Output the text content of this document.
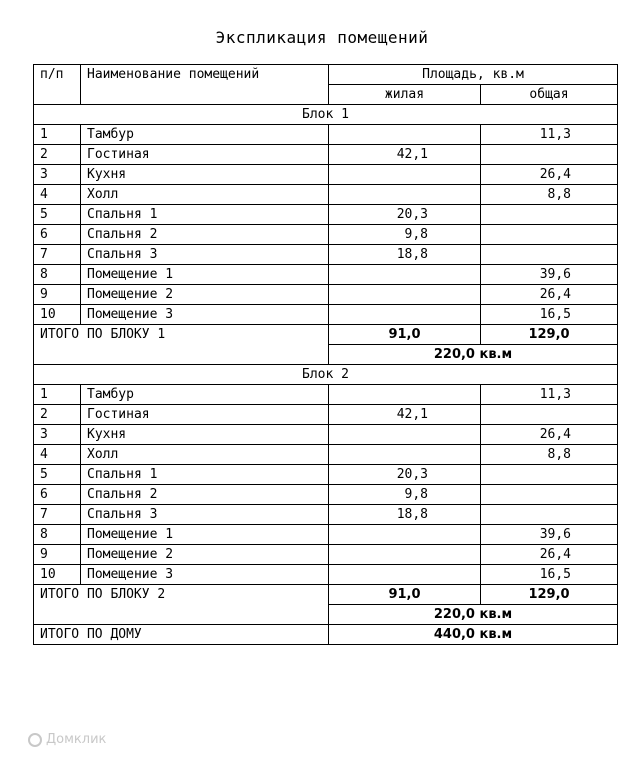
Экспликация помещений
п/п	Наименование помещений	Площадь, кв.м	
		жилая	общая
Блок 1			
1	Тамбур		11,3
2	Гостиная	42,1	
3	Кухня		26,4
4	Холл		8,8
5	Спальня 1	20,3	
6	Спальня 2	9,8	
7	Спальня 3	18,8	
8	Помещение 1		39,6
9	Помещение 2		26,4
10	Помещение 3		16,5
ИТОГО ПО БЛОКУ 1		91,0	129,0
		220,0 кв.м	
Блок 2			
1	Тамбур		11,3
2	Гостиная	42,1	
3	Кухня		26,4
4	Холл		8,8
5	Спальня 1	20,3	
6	Спальня 2	9,8	
7	Спальня 3	18,8	
8	Помещение 1		39,6
9	Помещение 2		26,4
10	Помещение 3		16,5
ИТОГО ПО БЛОКУ 2		91,0	129,0
		220,0 кв.м	
ИТОГО ПО ДОМУ		440,0 кв.м	
Домклик
